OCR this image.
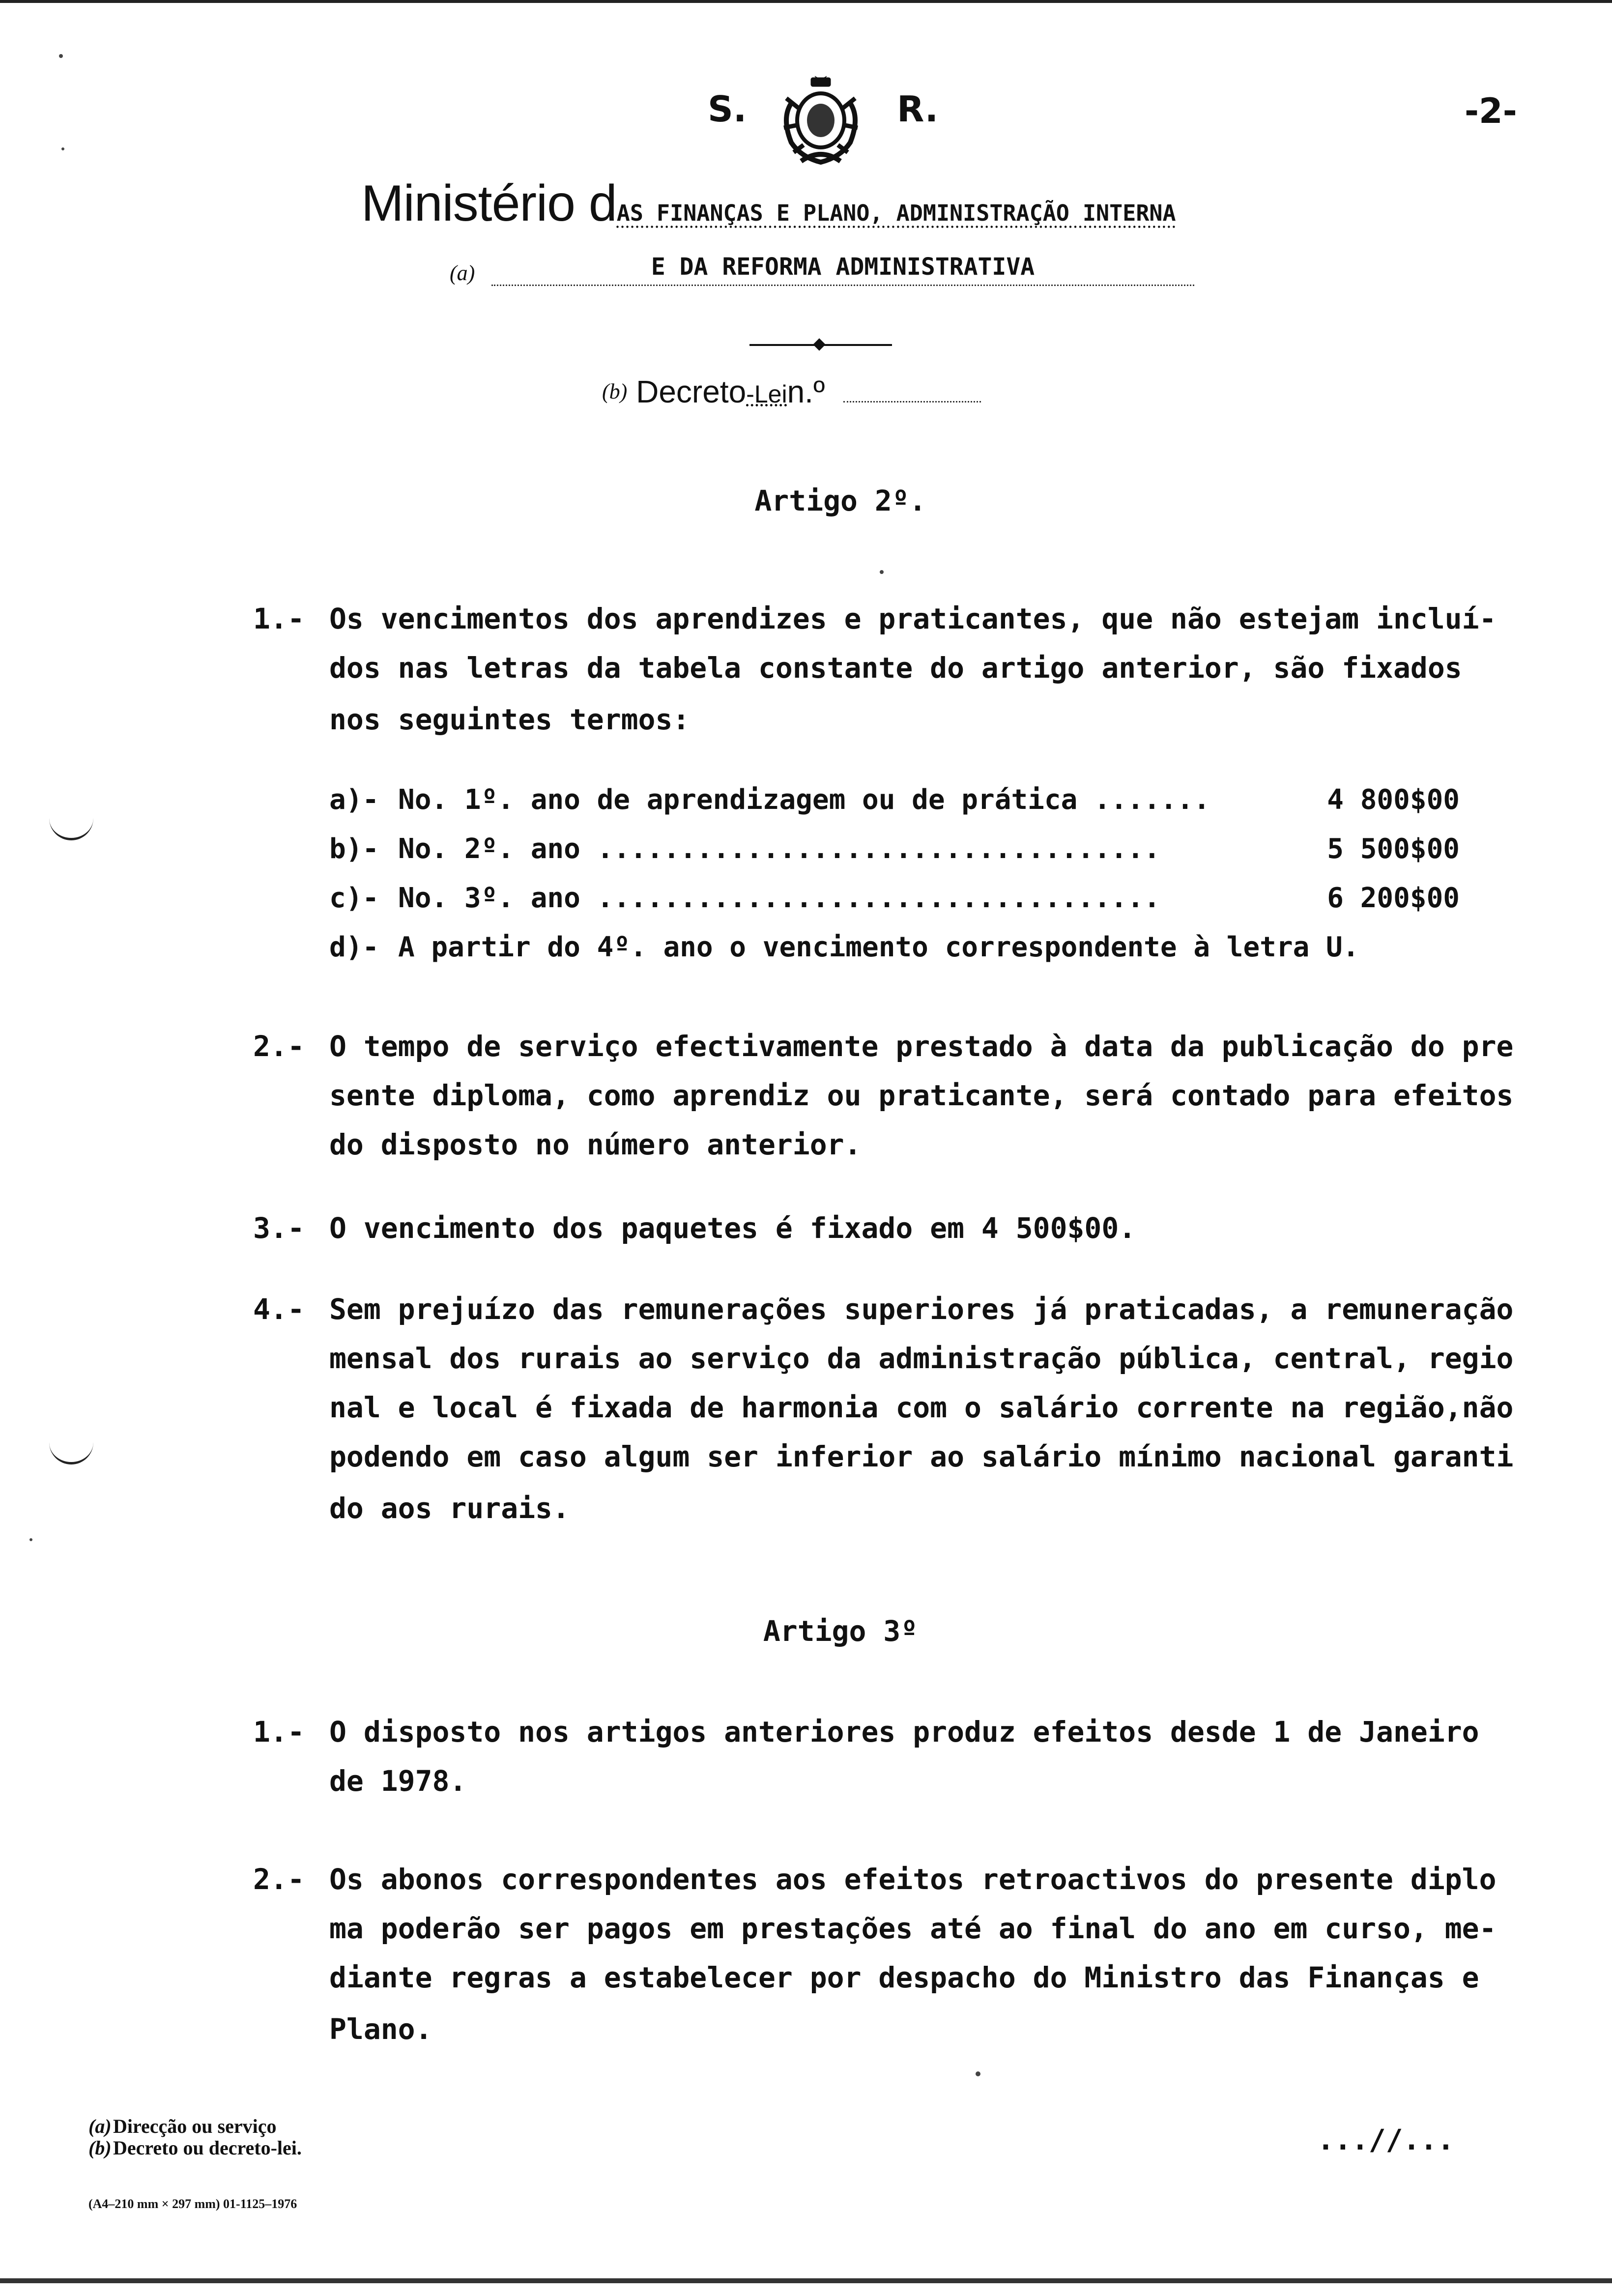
S.	R.	-2-
Ministério dAS FINANÇAS E PLANO, ADMINISTRAÇÃO INTERNA
(a)	E DA REFORMA ADMINISTRATIVA
(b) Decreto-Lein.º
Artigo 2º.
1.- Os vencimentos dos aprendizes e praticantes, que não estejam incluí-
dos nas letras da tabela constante do artigo anterior, são fixados
nos seguintes termos:
a)- No. 1º. ano de aprendizagem ou de prática .......	4 800$00
b)- No. 2º. ano ..................................	5 500$00
c)- No. 3º. ano ..................................	6 200$00
d)- A partir do 4º. ano o vencimento correspondente à letra U.
2.- O tempo de serviço efectivamente prestado à data da publicação do pre
sente diploma, como aprendiz ou praticante, será contado para efeitos
do disposto no número anterior.
3.- O vencimento dos paquetes é fixado em 4 500$00.
4.- Sem prejuízo das remunerações superiores já praticadas, a remuneração
mensal dos rurais ao serviço da administração pública, central, regio
nal e local é fixada de harmonia com o salário corrente na região,não
podendo em caso algum ser inferior ao salário mínimo nacional garanti
do aos rurais.
Artigo 3º
1.- O disposto nos artigos anteriores produz efeitos desde 1 de Janeiro
de 1978.
2.- Os abonos correspondentes aos efeitos retroactivos do presente diplo
ma poderão ser pagos em prestações até ao final do ano em curso, me-
diante regras a estabelecer por despacho do Ministro das Finanças e
Plano.
(a)Direcção ou serviço
(b)Decreto ou decreto-lei.
(A4–210 mm × 297 mm) 01-1125–1976
...//...
